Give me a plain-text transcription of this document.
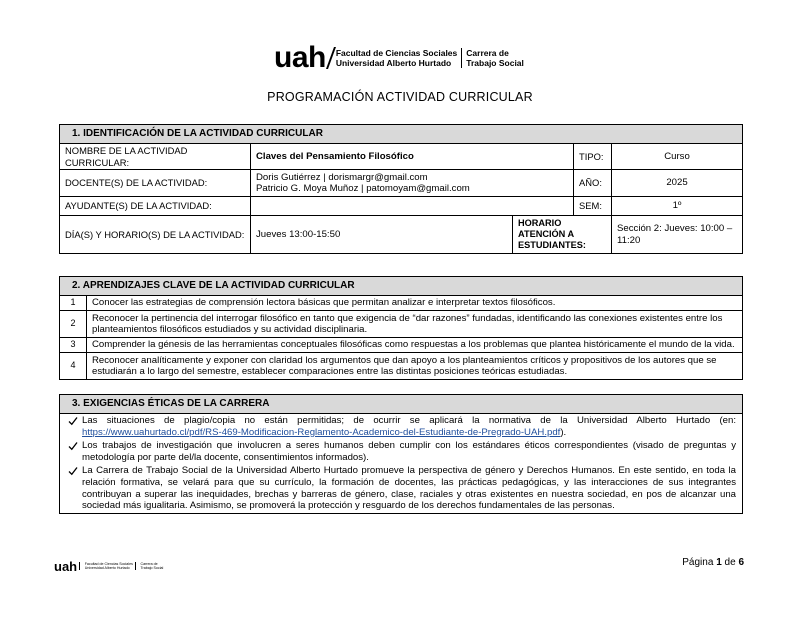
uah Facultad de Ciencias Sociales
Universidad Alberto Hurtado
Carrera de
Trabajo Social
PROGRAMACIÓN ACTIVIDAD CURRICULAR
1. IDENTIFICACIÓN DE LA ACTIVIDAD CURRICULAR				
NOMBRE DE LA ACTIVIDAD CURRICULAR:	Claves del Pensamiento Filosófico		TIPO:	Curso
DOCENTE(S) DE LA ACTIVIDAD:	Doris Gutiérrez | dorismargr@gmail.com
Patricio G. Moya Muñoz | patomoyam@gmail.com		AÑO:	2025
AYUDANTE(S) DE LA ACTIVIDAD:			SEM:	1º
DÍA(S) Y HORARIO(S) DE LA ACTIVIDAD:	Jueves 13:00-15:50	HORARIO ATENCIÓN A ESTUDIANTES:		Sección 2: Jueves: 10:00 – 11:20
2. APRENDIZAJES CLAVE DE LA ACTIVIDAD CURRICULAR	
1	Conocer las estrategias de comprensión lectora básicas que permitan analizar e interpretar textos filosóficos.
2	Reconocer la pertinencia del interrogar filosófico en tanto que exigencia de “dar razones” fundadas, identificando las conexiones existentes entre los planteamientos filosóficos estudiados y su actividad disciplinaria.
3	Comprender la génesis de las herramientas conceptuales filosóficas como respuestas a los problemas que plantea históricamente el mundo de la vida.
4	Reconocer analíticamente y exponer con claridad los argumentos que dan apoyo a los planteamientos críticos y propositivos de los autores que se estudiarán a lo largo del semestre, establecer comparaciones entre las distintas posiciones teóricas estudiadas.
3. EXIGENCIAS ÉTICAS DE LA CARRERA

Las situaciones de plagio/copia no están permitidas; de ocurrir se aplicará la normativa de la Universidad Alberto Hurtado (en: https://www.uahurtado.cl/pdf/RS-469-Modificacion-Reglamento-Academico-del-Estudiante-de-Pregrado-UAH.pdf).
Los trabajos de investigación que involucren a seres humanos deben cumplir con los estándares éticos correspondientes (visado de preguntas y metodología por parte del/la docente, consentimientos informados).
La Carrera de Trabajo Social de la Universidad Alberto Hurtado promueve la perspectiva de género y Derechos Humanos. En este sentido, en toda la relación formativa, se velará para que su currículo, la formación de docentes, las prácticas pedagógicas, y las interacciones de sus integrantes contribuyan a superar las inequidades, brechas y barreras de género, clase, raciales y otras existentes en nuestra sociedad, en pos de alcanzar una sociedad más igualitaria. Asimismo, se promoverá la protección y resguardo de los derechos fundamentales de las personas.
uah Facultad de Ciencias Sociales
Universidad Alberto Hurtado
Carrera de
Trabajo Social	Página 1 de 6
